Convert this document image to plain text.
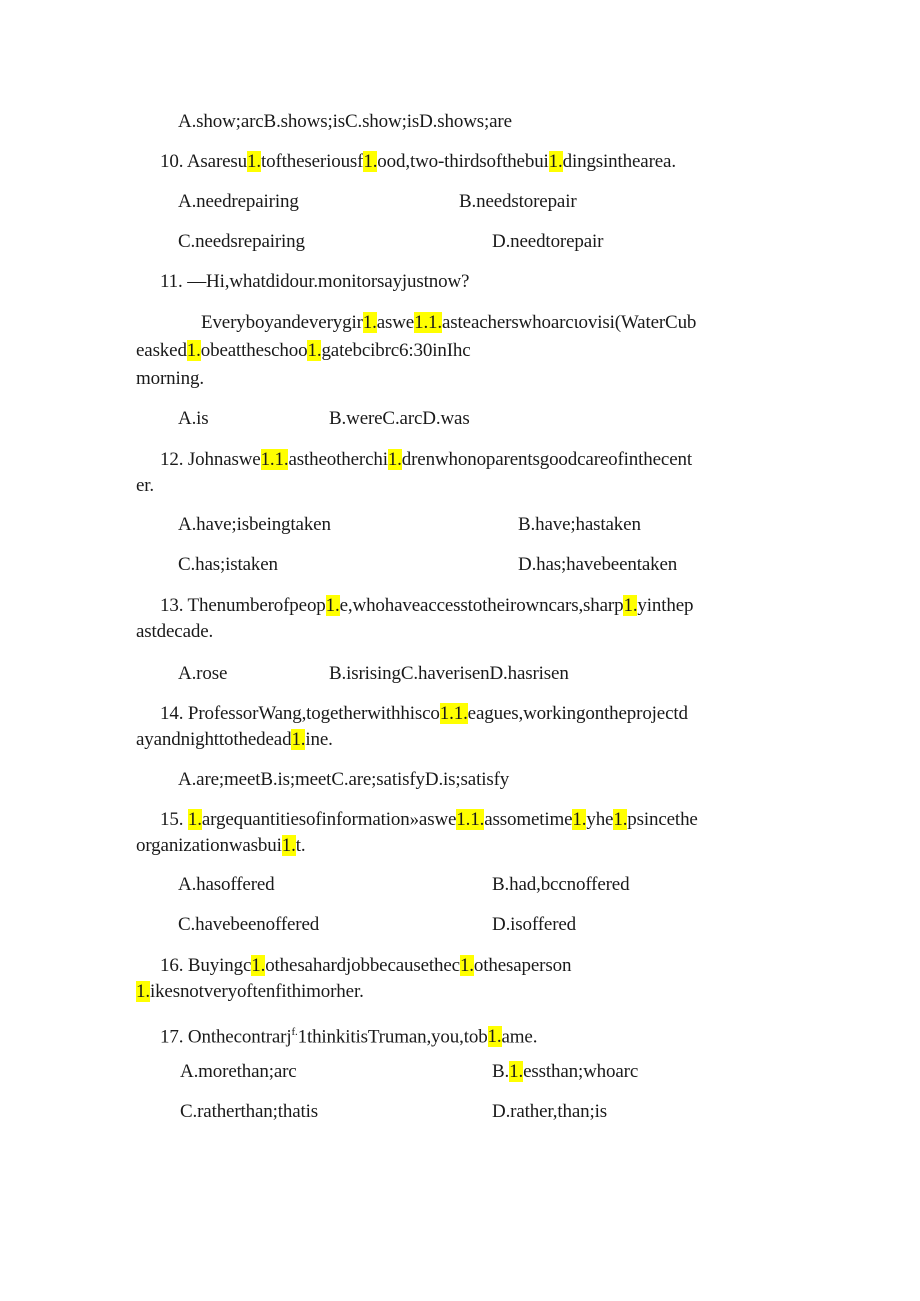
A.show;arcB.shows;isC.show;isD.shows;are
10. Asaresu1.toftheseriousf1.ood,two-thirdsofthebui1.dingsinthearea.
A.needrepairing	B.needstorepair
C.needsrepairing	D.needtorepair
11. —Hi,whatdidour.monitorsayjustnow?
Everyboyandeverygir1.aswe1.1.asteacherswhoarcιovisi(WaterCub
easked1.obeattheschoo1.gatebcibrc6:30inIhc
morning.
A.is	B.wereC.arcD.was
12. Johnaswe1.1.astheotherchi1.drenwhonoparentsgoodcareofinthecent
er.
A.have;isbeingtaken	B.have;hastaken
C.has;istaken	D.has;havebeentaken
13. Thenumberofpeop1.e,whohaveaccesstotheirowncars,sharp1.yinthep
astdecade.
A.rose	B.isrisingC.haverisenD.hasrisen
14. ProfessorWang,togetherwithhisco1.1.eagues,workingontheprojectd
ayandnighttothedead1.ine.
A.are;meetB.is;meetC.are;satisfyD.is;satisfy
15. 1.argequantitiesofinformation»aswe1.1.assometime1.yhe1.psincethe
organizationwasbui1.t.
A.hasoffered	B.had,bccnoffered
C.havebeenoffered	D.isoffered
16. Buyingc1.othesahardjobbecausethec1.othesaperson
1.ikesnotveryoftenfithimorher.
17. Onthecontrarj$^{f.}$1thinkitisTruman,you,tob1.ame.
A.morethan;arc	B.1.essthan;whoarc
C.ratherthan;thatis	D.rather,than;is
